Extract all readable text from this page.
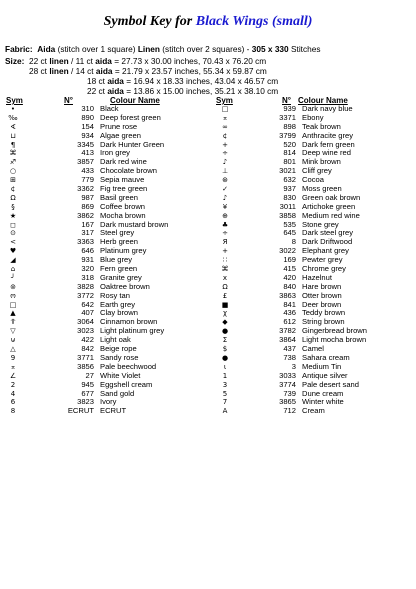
Symbol Key for Black Wings (small)
Fabric: Aida (stitch over 1 square) Linen (stitch over 2 squares) - 305 x 330 Stitches
Size: 22 ct linen / 11 ct aida = 27.73 x 30.00 inches, 70.43 x 76.20 cm
28 ct linen / 14 ct aida = 21.79 x 23.57 inches, 55.34 x 59.87 cm
18 ct aida = 16.94 x 18.33 inches, 43.04 x 46.57 cm
22 ct aida = 13.86 x 15.00 inches, 35.21 x 38.10 cm
Sym	N°	Colour Name	Sym	N° Colour Name
•	310 Black
‰	890 Deep forest green
∢	154 Prune rose
⊔	934 Algae green
¶	3345 Dark Hunter Green
⌘	413 Iron grey
♐	3857 Dark red wine
○	433 Chocolate brown
⊞	779 Sepia mauve
¢	3362 Fig tree green
Ω	987 Basil green
§	869 Coffee brown
★	3862 Mocha brown
◻	167 Dark mustard brown
⊙	317 Steel grey
<	3363 Herb green
♥	646 Platinum grey
◢	931 Blue grey
⌂	320 Fern green
╯	318 Granite grey
⊚	3828 Oaktree brown
ო	3772 Rosy tan
□	642 Earth grey
▲	407 Clay brown
⥣	3064 Cinnamon brown
▽	3023 Light platinum grey
⊎	422 Light oak
△	842 Beige rope
9	3771 Sandy rose
⌅	3856 Pale beechwood
∠	27 White Violet
2	945 Eggshell cream
4	677 Sand gold
6	3823 Ivory
8	ECRUT ECRUT
□	939 Dark navy blue
⌅	3371 Ebony
∞	898 Teak brown
¢	3799 Anthracite grey
+	520 Dark fern green
÷	814 Deep wine red
♪	801 Mink brown
⊥	3021 Cliff grey
⊛	632 Cocoa
✓	937 Moss green
♪	830 Green oak brown
¥	3011 Artichoke green
⊕	3858 Medium red wine
♣	535 Stone grey
÷	645 Dark steel grey
Я	8 Dark Driftwood
+	3022 Elephant grey
∷	169 Pewter grey
⌘	415 Chrome grey
x	420 Hazelnut
Ω	840 Hare brown
£	3863 Otter brown
■	841 Deer brown
χ	436 Teddy brown
◆	612 String brown
●	3782 Gingerbread brown
Σ	3864 Light mocha brown
$	437 Camel
●	738 Sahara cream
ι	3 Medium Tin
1	3033 Antique silver
3	3774 Pale desert sand
5	739 Dune cream
7	3865 Winter white
A	712 Cream
